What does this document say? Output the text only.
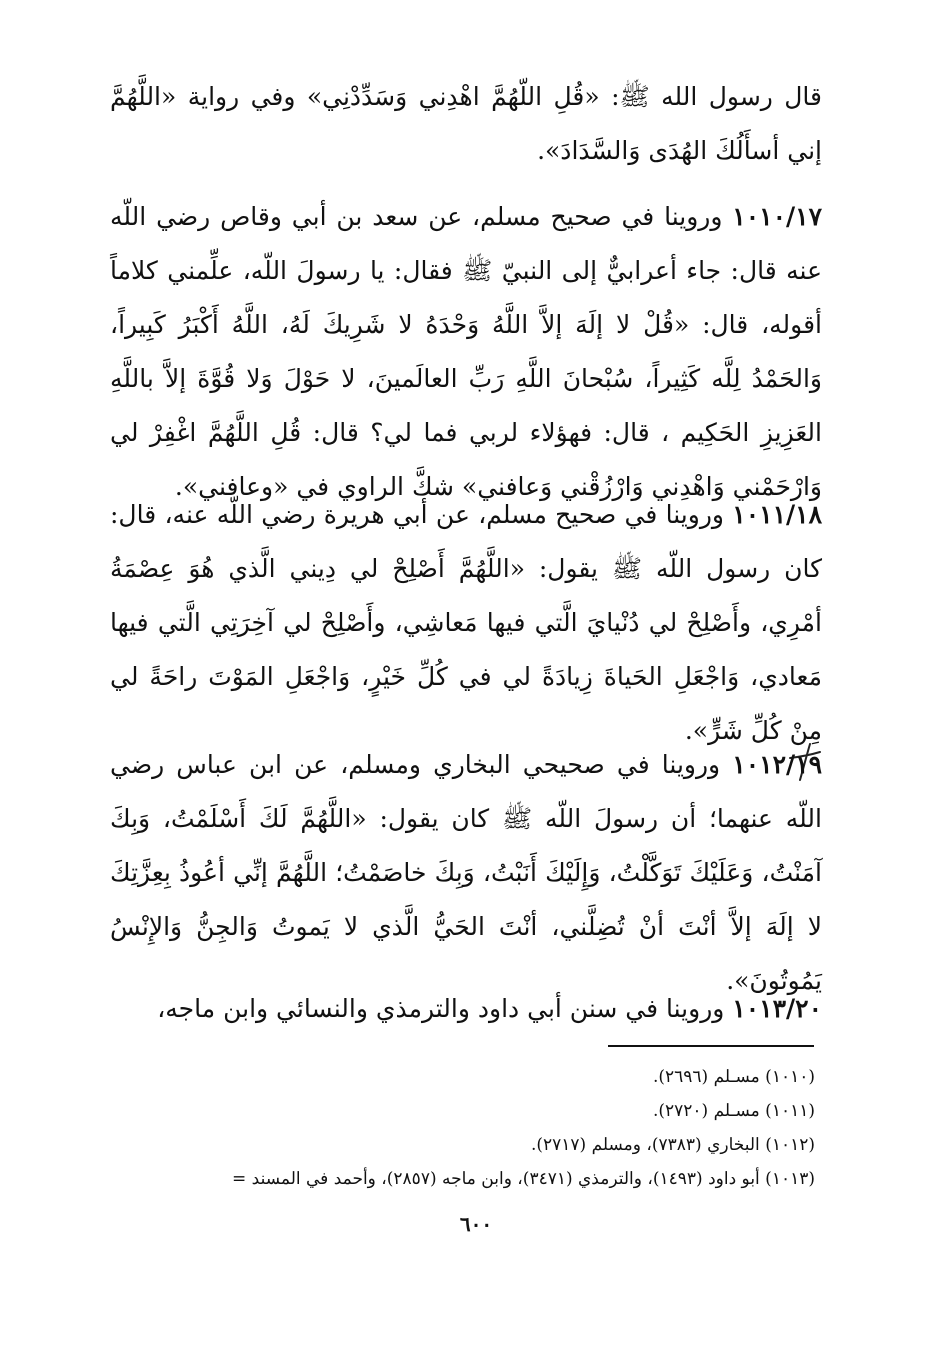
قال رسول الله ﷺ: «قُلِ اللّهُمَّ اهْدِني وَسَدِّدْنِي» وفي رواية «اللَّهُمَّ إني أسأَلُكَ الهُدَى وَالسَّدَادَ».

١٠١٠/١٧ وروينا في صحيح مسلم، عن سعد بن أبي وقاص رضي اللّه عنه قال: جاء أعرابيٌّ إلى النبيّ ﷺ فقال: يا رسولَ اللّه، علِّمني كلاماً أقوله، قال: «قُلْ لا إلَهَ إلاَّ اللَّهُ وَحْدَهُ لا شَرِيكَ لَهُ، اللَّهُ أَكْبَرُ كَبِيراً، وَالحَمْدُ لِلَّه كَثِيراً، سُبْحانَ اللَّهِ رَبِّ العالَمينَ، لا حَوْلَ وَلا قُوَّةَ إلاَّ باللَّهِ العَزِيزِ الحَكِيم ، قال: فهؤلاء لربي فما لي؟ قال: قُلِ اللَّهُمَّ اغْفِرْ لي وَارْحَمْني وَاهْدِني وَارْزُقْني وَعافني» شكَّ الراوي في «وعافني».

١٠١١/١٨ وروينا في صحيح مسلم، عن أبي هريرة رضي اللّه عنه، قال: كان رسول اللّه ﷺ يقول: «اللَّهُمَّ أَصْلِحْ لي دِيني الَّذي هُوَ عِصْمَةُ أمْرِي، وأَصْلِحْ لي دُنْيايَ الَّتي فيها مَعاشِي، وأَصْلِحْ لي آخِرَتِي الَّتي فيها مَعادي، وَاجْعَلِ الحَياةَ زِيادَةً لي في كُلِّ خَيْرٍ، وَاجْعَلِ المَوْتَ راحَةً لي مِنْ كُلِّ شَرٍّ».

١٠١٢/١٩ وروينا في صحيحي البخاري ومسلم، عن ابن عباس رضي اللّه عنهما؛ أن رسولَ اللّه ﷺ كان يقول: «اللَّهُمَّ لَكَ أَسْلَمْتُ، وَبِكَ آمَنْتُ، وَعَلَيْكَ تَوَكَّلْتُ، وَإِلَيْكَ أَنَبْتُ، وَبِكَ خاصَمْتُ؛ اللَّهُمَّ إنِّي أعُوذُ بِعِزَّتِكَ لا إلَهَ إلاَّ أنْتَ أنْ تُضِلَّني، أنْتَ الحَيُّ الَّذي لا يَموتُ وَالجِنُّ وَالإِنْسُ يَمُوتُونَ».

١٠١٣/٢٠ وروينا في سنن أبي داود والترمذي والنسائي وابن ماجه،

(١٠١٠) مسـلم (٢٦٩٦).

(١٠١١) مسـلم (٢٧٢٠).

(١٠١٢) البخاري (٧٣٨٣)، ومسلم (٢٧١٧).

(١٠١٣) أبو داود (١٤٩٣)، والترمذي (٣٤٧١)، وابن ماجه (٢٨٥٧)، وأحمد في المسند =

٦٠٠
